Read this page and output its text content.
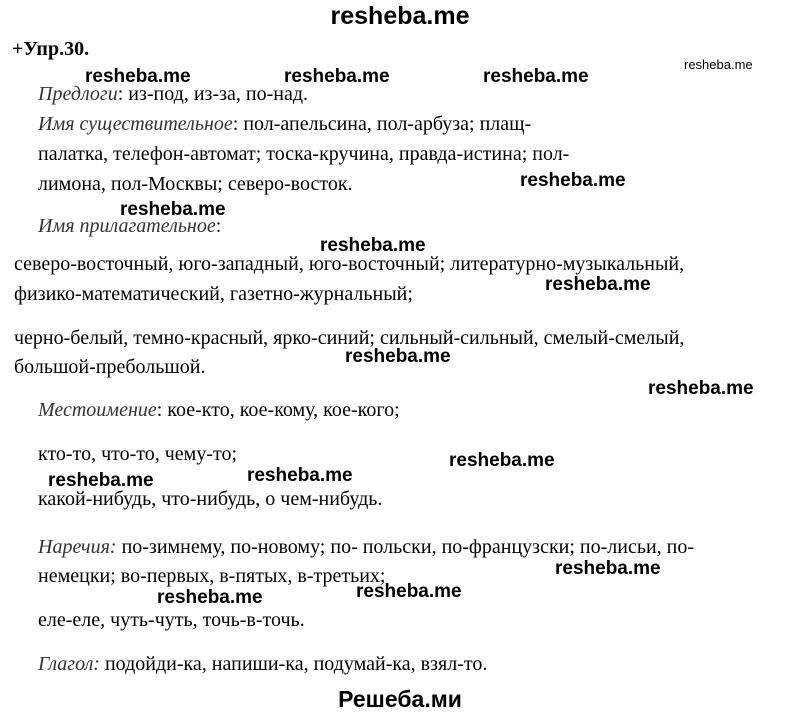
resheba.me
+Упр.30.
Предлоги: из-под, из-за, по-над.
Имя существительное: пол-апельсина, пол-арбуза; плащ-
палатка, телефон-автомат; тоска-кручина, правда-истина; пол-
лимона, пол-Москвы; северо-восток.
Имя прилагательное:
северо-восточный, юго-западный, юго-восточный; литературно-музыкальный,
физико-математический, газетно-журнальный;
черно-белый, темно-красный, ярко-синий; сильный-сильный, смелый-смелый,
большой-пребольшой.
Местоимение: кое-кто, кое-кому, кое-кого;
кто-то, что-то, чему-то;
какой-нибудь, что-нибудь, о чем-нибудь.
Наречия: по-зимнему, по-новому; по- польски, по-французски; по-лисьи, по-
немецки; во-первых, в-пятых, в-третьих;
еле-еле, чуть-чуть, точь-в-точь.
Глагол: подойди-ка, напиши-ка, подумай-ка, взял-то.
resheba.me
resheba.me	resheba.me	resheba.me
resheba.me
resheba.me
resheba.me
resheba.me
resheba.me
resheba.me
resheba.me
resheba.me	resheba.me
resheba.me
resheba.me	resheba.me
Решеба.ми
